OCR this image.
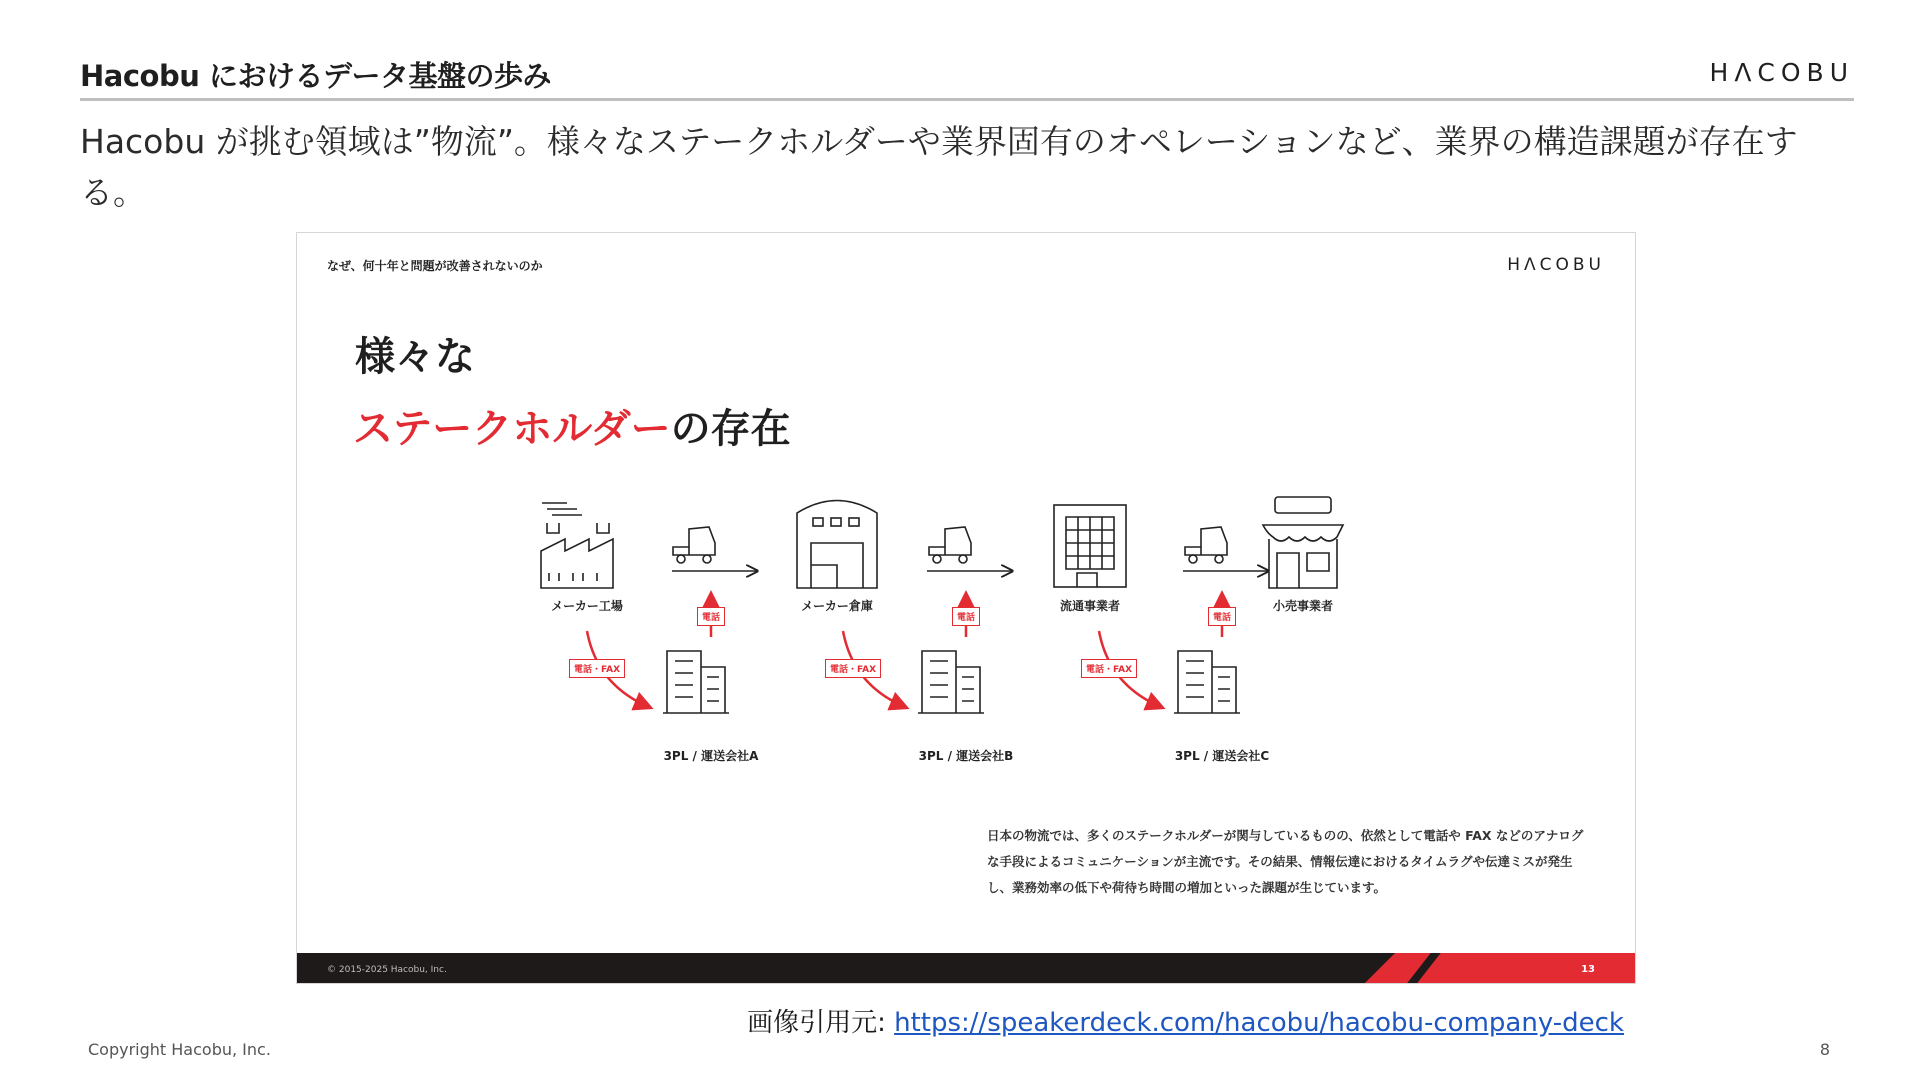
Hacobu におけるデータ基盤の歩み	HΛCOBU
Hacobu が挑む領域は”物流”。様々なステークホルダーや業界固有のオペレーションなど、業界の構造課題が存在する。
なぜ、何十年と問題が改善されないのか	HΛCOBU
様々な
ステークホルダーの存在
メーカー工場	メーカー倉庫	流通事業者	小売事業者
3PL / 運送会社A	3PL / 運送会社B	3PL / 運送会社C
電話	電話	電話
電話・FAX	電話・FAX	電話・FAX
日本の物流では、多くのステークホルダーが関与しているものの、依然として電話や FAX などのアナログな手段によるコミュニケーションが主流です。その結果、情報伝達におけるタイムラグや伝達ミスが発生し、業務効率の低下や荷待ち時間の増加といった課題が生じています。
© 2015-2025 Hacobu, Inc.	13
画像引用元: https://speakerdeck.com/hacobu/hacobu-company-deck
Copyright Hacobu, Inc.	8
